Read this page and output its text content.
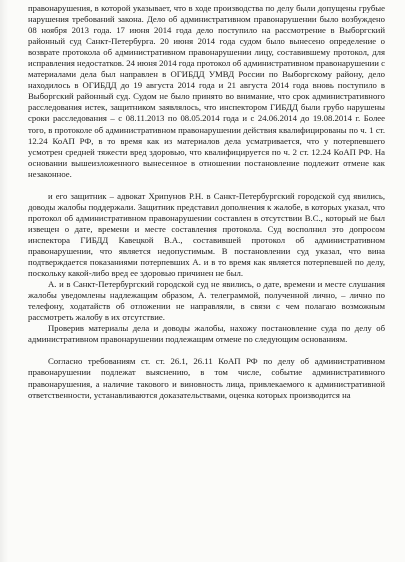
правонарушения, в которой указывает, что в ходе производства по делу были допущены грубые нарушения требований закона. Дело об административном правонарушении было возбуждено 08 ноября 2013 года. 17 июня 2014 года дело поступило на рассмотрение в Выборгский районный суд Санкт-Петербурга. 20 июня 2014 года судом было вынесено определение о возврате протокола об административном правонарушении лицу, составившему протокол, для исправления недостатков. 24 июня 2014 года протокол об административном правонарушении с материалами дела был направлен в ОГИБДД УМВД России по Выборгскому району, дело находилось в ОГИБДД до 19 августа 2014 года и 21 августа 2014 года вновь поступило в Выборгский районный суд. Судом не было принято во внимание, что срок административного расследования истек, защитником заявлялось, что инспектором ГИБДД были грубо нарушены сроки расследования – с 08.11.2013 по 08.05.2014 года и с 24.06.2014 до 19.08.2014 г. Более того, в протоколе об административном правонарушении действия квалифицированы по ч. 1 ст. 12.24 КоАП РФ, в то время как из материалов дела усматривается, что у потерпевшего усмотрен средней тяжести вред здоровью, что квалифицируется по ч. 2 ст. 12.24 КоАП РФ. На основании вышеизложенного вынесенное в отношении постановление подлежит отмене как незаконное.

и его защитник – адвокат Хрипунов Р.Н. в Санкт-Петербургский городской суд явились, доводы жалобы поддержали. Защитник представил дополнения к жалобе, в которых указал, что протокол об административном правонарушении составлен в отсутствии В.С., который не был извещен о дате, времени и месте составления протокола. Суд восполнил это допросом инспектора ГИБДД Кавецкой В.А., составившей протокол об административном правонарушении, что является недопустимым. В постановлении суд указал, что вина подтверждается показаниями потерпевших А. и в то время как является потерпевшей по делу, поскольку какой-либо вред ее здоровью причинен не был.

А. и в Санкт-Петербургский городской суд не явились, о дате, времени и месте слушания жалобы уведомлены надлежащим образом, А. телеграммой, полученной лично, – лично по телефону, ходатайств об отложении не направляли, в связи с чем полагаю возможным рассмотреть жалобу в их отсутствие.

Проверив материалы дела и доводы жалобы, нахожу постановление суда по делу об административном правонарушении подлежащим отмене по следующим основаниям.

Согласно требованиям ст. ст. 26.1, 26.11 КоАП РФ по делу об административном правонарушении подлежат выяснению, в том числе, событие административного правонарушения, а наличие такового и виновность лица, привлекаемого к административной ответственности, устанавливаются доказательствами, оценка которых производится на
